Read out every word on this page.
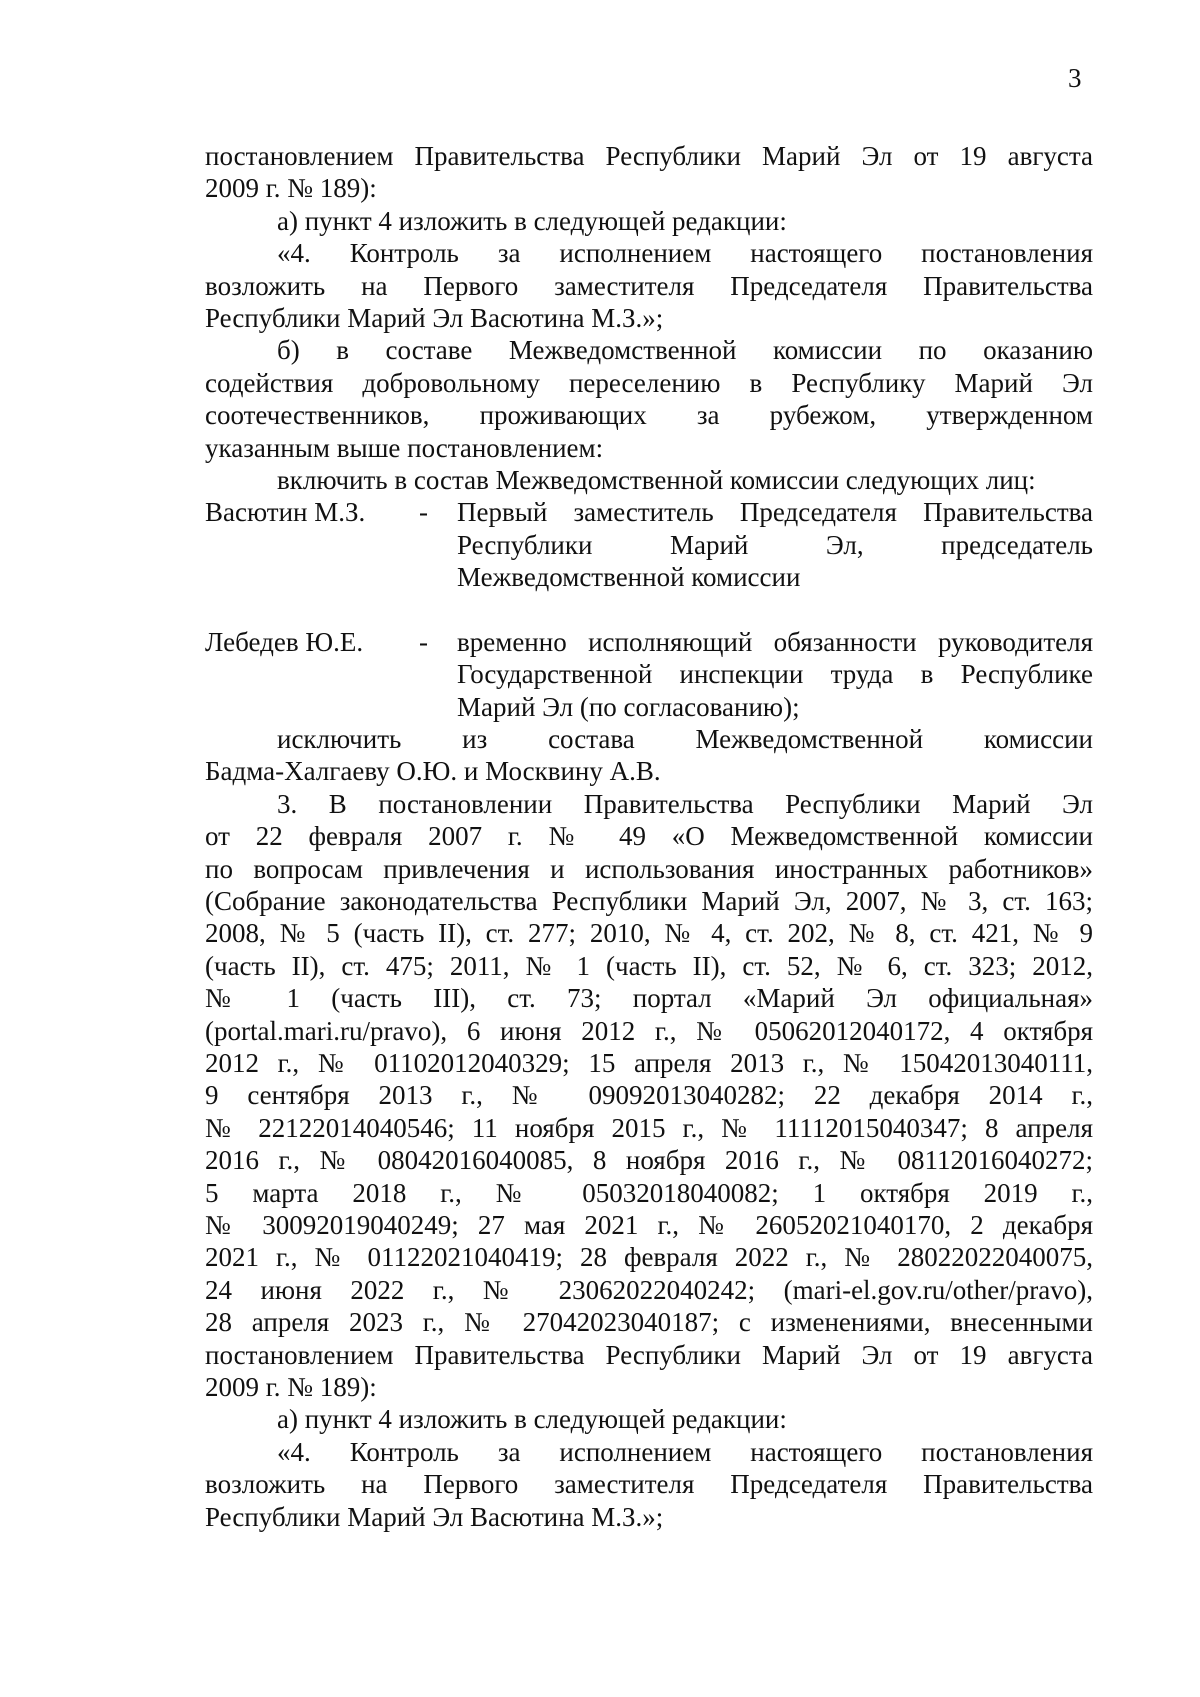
3

постановлением Правительства Республики Марий Эл от 19 августа

2009 г. № 189):

а) пункт 4 изложить в следующей редакции:

«4. Контроль за исполнением настоящего постановления

возложить на Первого заместителя Председателя Правительства

Республики Марий Эл Васютина М.З.»;

б) в составе Межведомственной комиссии по оказанию

содействия добровольному переселению в Республику Марий Эл

соотечественников, проживающих за рубежом, утвержденном

указанным выше постановлением:

включить в состав Межведомственной комиссии следующих лиц:

Васютин М.З.	-	Первый заместитель Председателя Правительства

Республики Марий Эл, председатель

Межведомственной комиссии

Лебедев Ю.Е.	-	временно исполняющий обязанности руководителя

Государственной инспекции труда в Республике

Марий Эл (по согласованию);

исключить из состава Межведомственной комиссии

Бадма-Халгаеву О.Ю. и Москвину А.В.

3. В постановлении Правительства Республики Марий Эл

от 22 февраля 2007 г. № 49 «О Межведомственной комиссии

по вопросам привлечения и использования иностранных работников»

(Собрание законодательства Республики Марий Эл, 2007, № 3, ст. 163;

2008, № 5 (часть II), ст. 277; 2010, № 4, ст. 202, № 8, ст. 421, № 9

(часть II), ст. 475; 2011, № 1 (часть II), ст. 52, № 6, ст. 323; 2012,

№ 1 (часть III), ст. 73; портал «Марий Эл официальная»

(portal.mari.ru/pravo), 6 июня 2012 г., № 05062012040172, 4 октября

2012 г., № 01102012040329; 15 апреля 2013 г., № 15042013040111,

9 сентября 2013 г., № 09092013040282; 22 декабря 2014 г.,

№ 22122014040546; 11 ноября 2015 г., № 11112015040347; 8 апреля

2016 г., № 08042016040085, 8 ноября 2016 г., № 08112016040272;

5 марта 2018 г., № 05032018040082; 1 октября 2019 г.,

№ 30092019040249; 27 мая 2021 г., № 26052021040170, 2 декабря

2021 г., № 01122021040419; 28 февраля 2022 г., № 28022022040075,

24 июня 2022 г., № 23062022040242; (mari-el.gov.ru/other/pravo),

28 апреля 2023 г., № 27042023040187; с изменениями, внесенными

постановлением Правительства Республики Марий Эл от 19 августа

2009 г. № 189):

а) пункт 4 изложить в следующей редакции:

«4. Контроль за исполнением настоящего постановления

возложить на Первого заместителя Председателя Правительства

Республики Марий Эл Васютина М.З.»;
